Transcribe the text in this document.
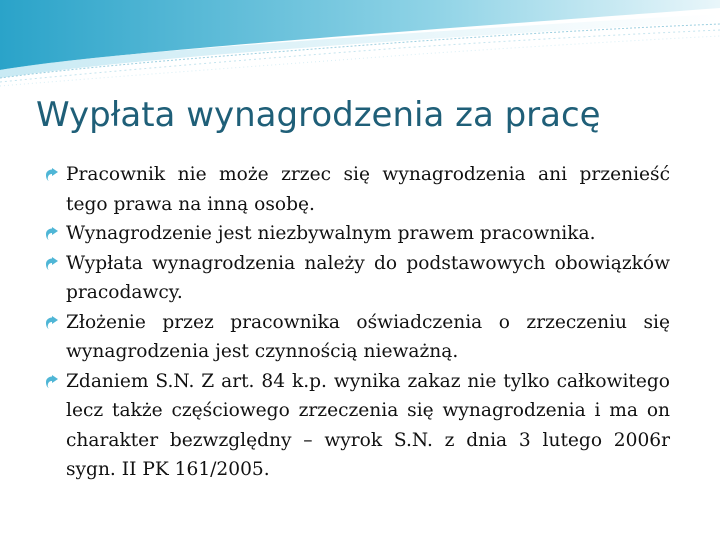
Wypłata wynagrodzenia za pracę

Pracownik nie może zrzec się wynagrodzenia ani przenieść tego prawa na inną osobę.

Wynagrodzenie jest niezbywalnym prawem pracownika.

Wypłata wynagrodzenia należy do podstawowych obowiązków pracodawcy.

Złożenie przez pracownika oświadczenia o zrzeczeniu się wynagrodzenia jest czynnością nieważną.

Zdaniem S.N. Z art. 84 k.p. wynika zakaz nie tylko całkowitego lecz także częściowego zrzeczenia się wynagrodzenia i ma on charakter bezwzględny – wyrok S.N. z dnia 3 lutego 2006r sygn. II PK 161/2005.
